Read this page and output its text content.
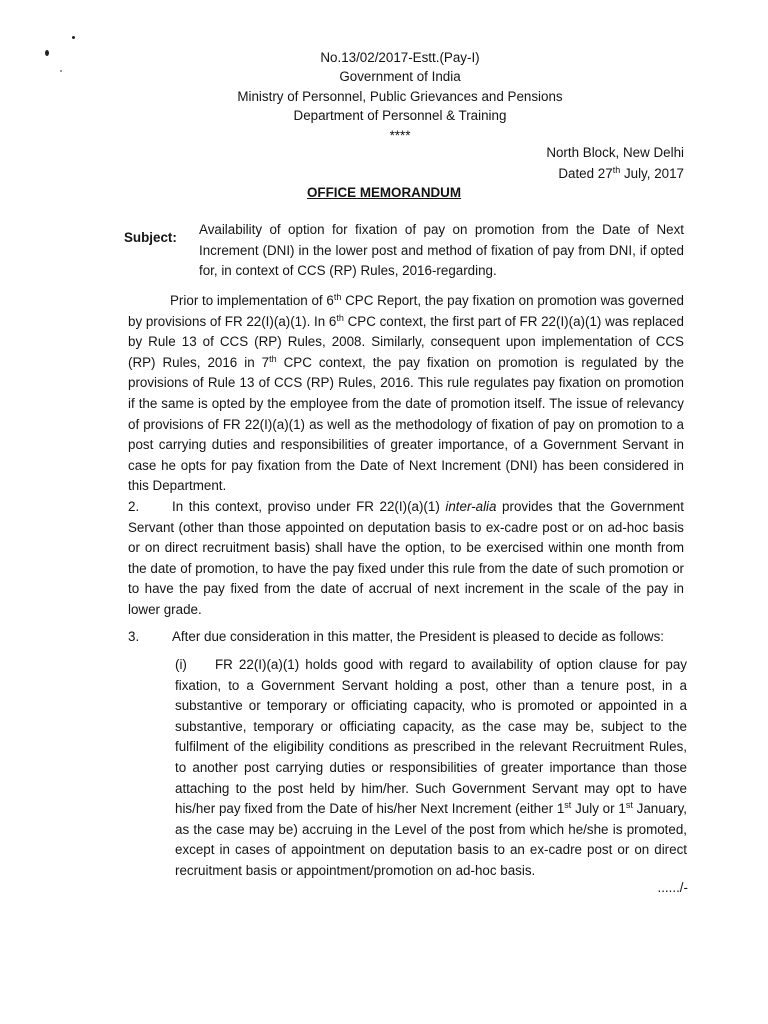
No.13/02/2017-Estt.(Pay-I)
Government of India
Ministry of Personnel, Public Grievances and Pensions
Department of Personnel & Training
****
North Block, New Delhi
Dated 27th July, 2017
OFFICE MEMORANDUM
Subject:
Availability of option for fixation of pay on promotion from the Date of Next Increment (DNI) in the lower post and method of fixation of pay from DNI, if opted for, in context of CCS (RP) Rules, 2016-regarding.

Prior to implementation of 6th CPC Report, the pay fixation on promotion was governed by provisions of FR 22(I)(a)(1). In 6th CPC context, the first part of FR 22(I)(a)(1) was replaced by Rule 13 of CCS (RP) Rules, 2008. Similarly, consequent upon implementation of CCS (RP) Rules, 2016 in 7th CPC context, the pay fixation on promotion is regulated by the provisions of Rule 13 of CCS (RP) Rules, 2016. This rule regulates pay fixation on promotion if the same is opted by the employee from the date of promotion itself. The issue of relevancy of provisions of FR 22(I)(a)(1) as well as the methodology of fixation of pay on promotion to a post carrying duties and responsibilities of greater importance, of a Government Servant in case he opts for pay fixation from the Date of Next Increment (DNI) has been considered in this Department.

2. In this context, proviso under FR 22(I)(a)(1) inter-alia provides that the Government Servant (other than those appointed on deputation basis to ex-cadre post or on ad-hoc basis or on direct recruitment basis) shall have the option, to be exercised within one month from the date of promotion, to have the pay fixed under this rule from the date of such promotion or to have the pay fixed from the date of accrual of next increment in the scale of the pay in lower grade.

3. After due consideration in this matter, the President is pleased to decide as follows:

(i) FR 22(I)(a)(1) holds good with regard to availability of option clause for pay fixation, to a Government Servant holding a post, other than a tenure post, in a substantive or temporary or officiating capacity, who is promoted or appointed in a substantive, temporary or officiating capacity, as the case may be, subject to the fulfilment of the eligibility conditions as prescribed in the relevant Recruitment Rules, to another post carrying duties or responsibilities of greater importance than those attaching to the post held by him/her. Such Government Servant may opt to have his/her pay fixed from the Date of his/her Next Increment (either 1st July or 1st January, as the case may be) accruing in the Level of the post from which he/she is promoted, except in cases of appointment on deputation basis to an ex-cadre post or on direct recruitment basis or appointment/promotion on ad-hoc basis.

....../-
